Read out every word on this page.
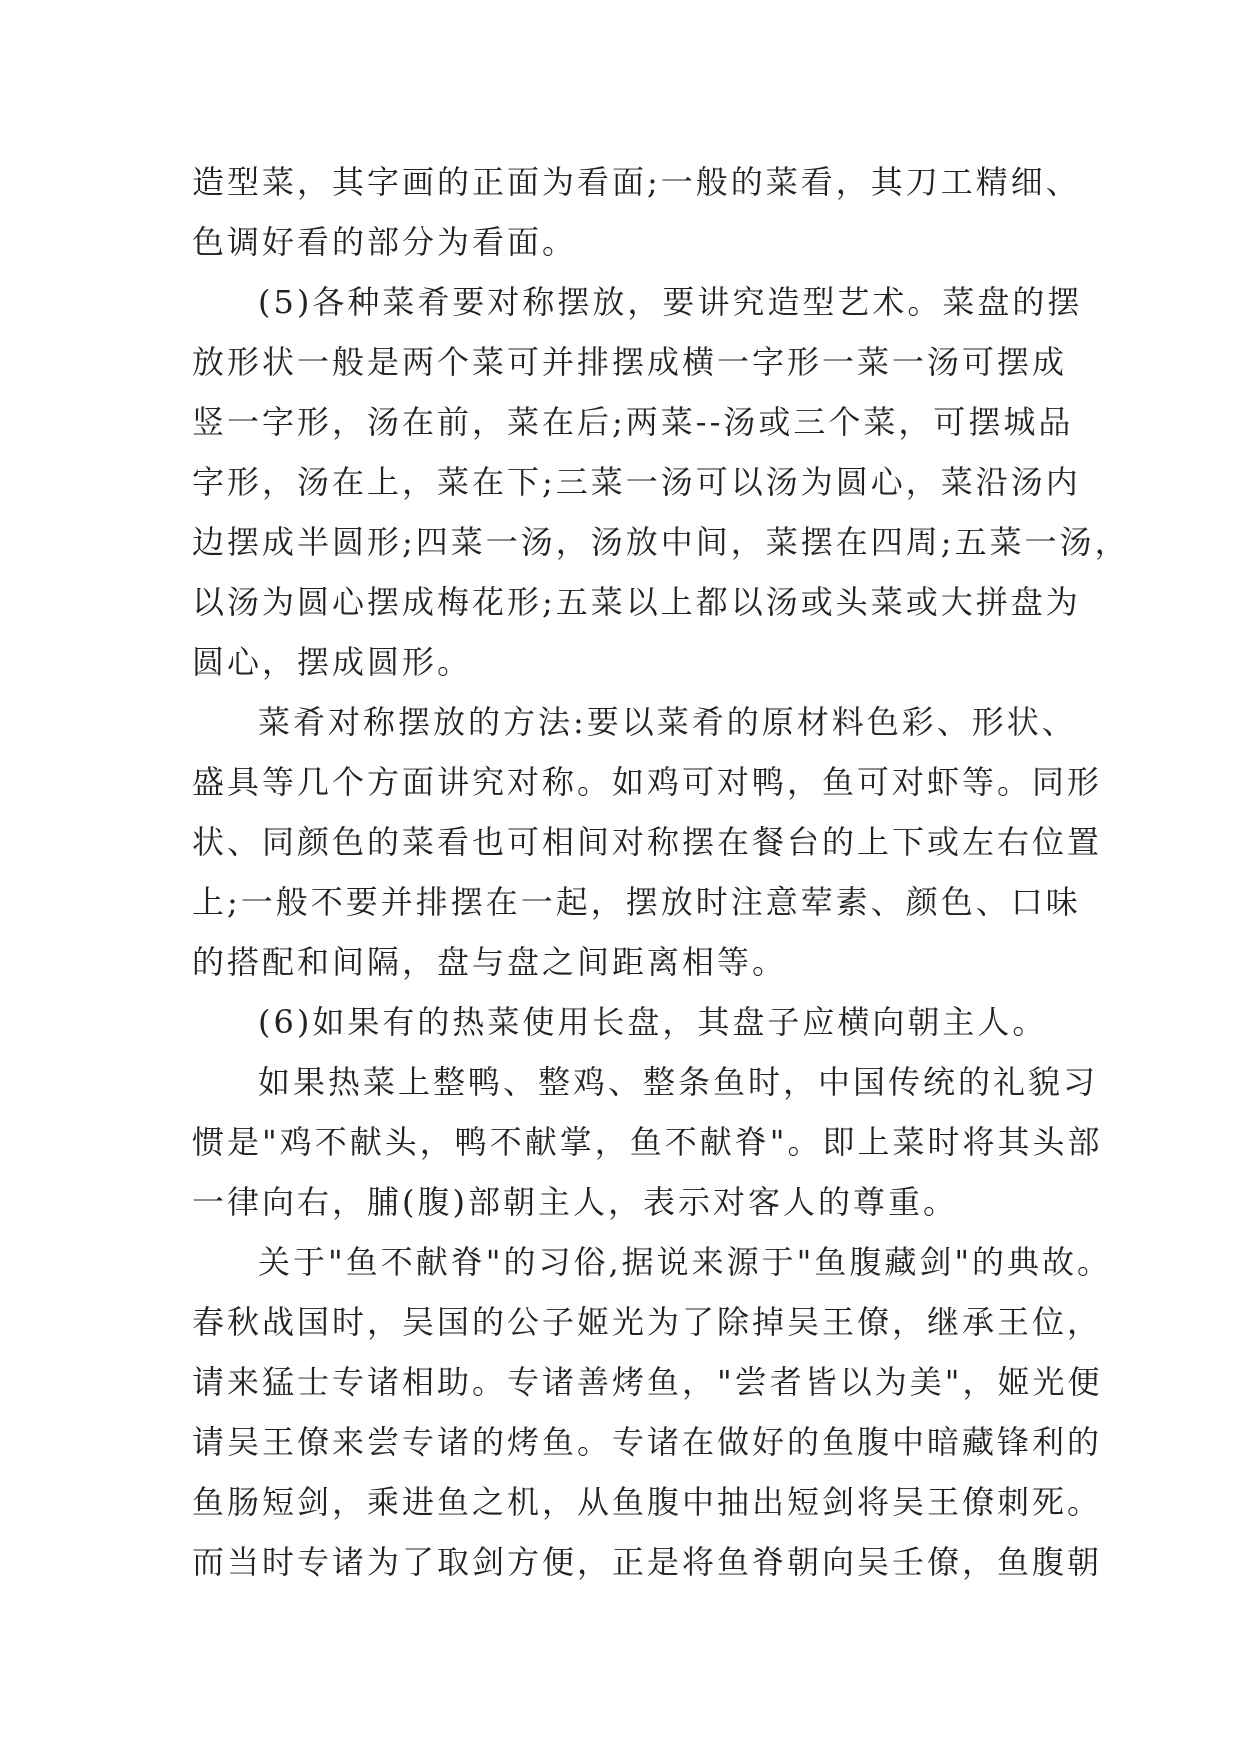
造型菜，其字画的正面为看面;一般的菜看，其刀工精细、
色调好看的部分为看面。
(5)各种菜肴要对称摆放，要讲究造型艺术。菜盘的摆
放形状一般是两个菜可并排摆成横一字形一菜一汤可摆成
竖一字形，汤在前，菜在后;两菜--汤或三个菜，可摆城品
字形，汤在上，菜在下;三菜一汤可以汤为圆心，菜沿汤内
边摆成半圆形;四菜一汤，汤放中间，菜摆在四周;五菜一汤，
以汤为圆心摆成梅花形;五菜以上都以汤或头菜或大拼盘为
圆心，摆成圆形。
菜肴对称摆放的方法:要以菜肴的原材料色彩、形状、
盛具等几个方面讲究对称。如鸡可对鸭，鱼可对虾等。同形
状、同颜色的菜看也可相间对称摆在餐台的上下或左右位置
上;一般不要并排摆在一起，摆放时注意荤素、颜色、口味
的搭配和间隔，盘与盘之间距离相等。
(6)如果有的热菜使用长盘，其盘子应横向朝主人。
如果热菜上整鸭、整鸡、整条鱼时，中国传统的礼貌习
惯是"鸡不献头，鸭不献掌，鱼不献脊"。即上菜时将其头部
一律向右，脯(腹)部朝主人，表示对客人的尊重。
关于"鱼不献脊"的习俗,据说来源于"鱼腹藏剑"的典故。
春秋战国时，吴国的公子姬光为了除掉吴王僚，继承王位，
请来猛士专诸相助。专诸善烤鱼，"尝者皆以为美"，姬光便
请吴王僚来尝专诸的烤鱼。专诸在做好的鱼腹中暗藏锋利的
鱼肠短剑，乘进鱼之机，从鱼腹中抽出短剑将吴王僚刺死。
而当时专诸为了取剑方便，正是将鱼脊朝向吴壬僚，鱼腹朝
